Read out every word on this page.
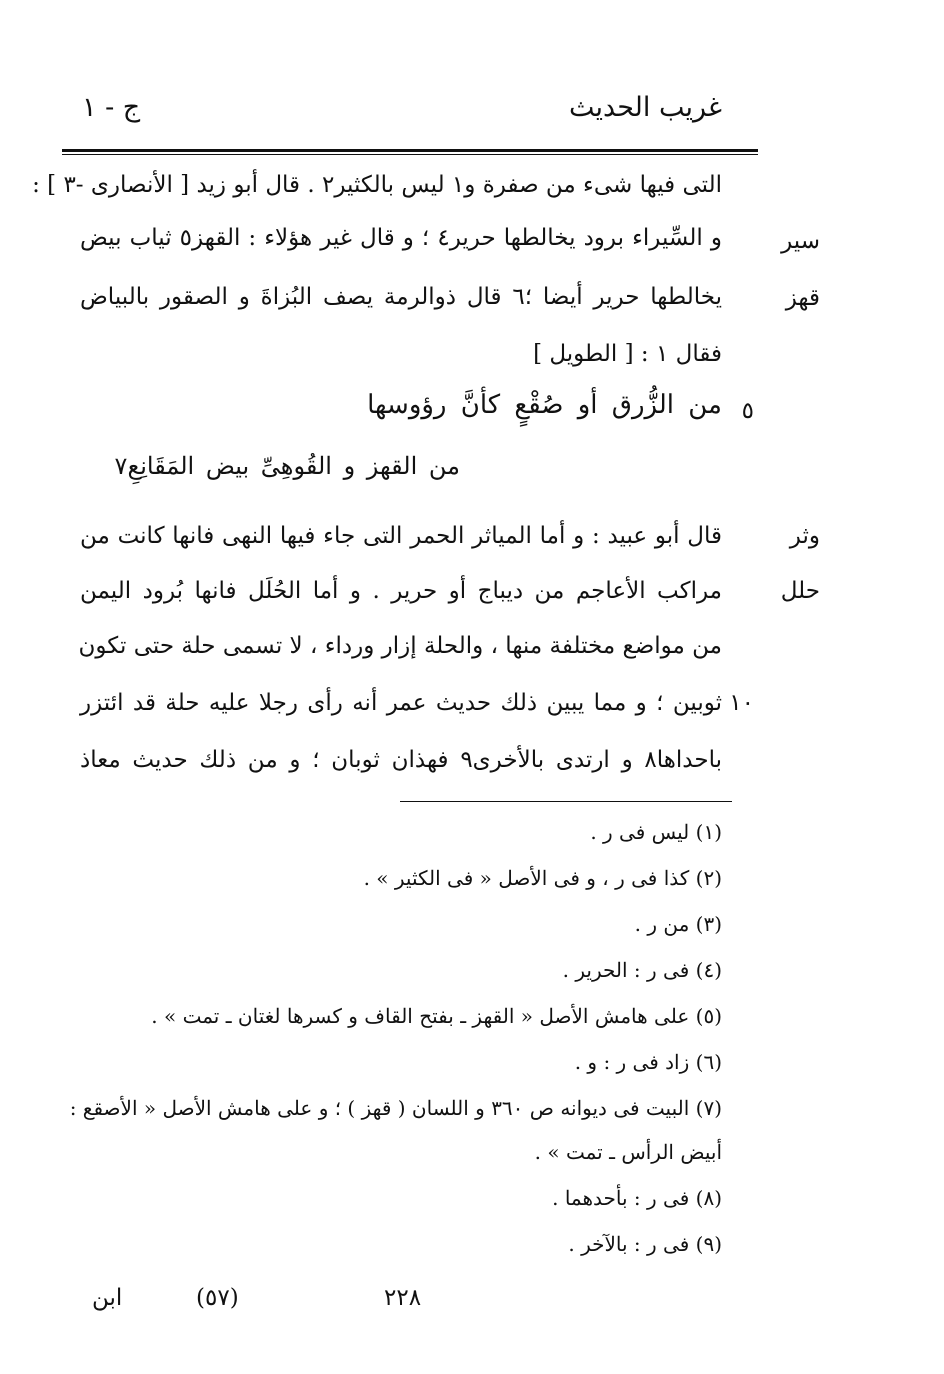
غريب الحديث
ج - ١
التى فيها شىء من صفرة و١ ليس بالكثير٢ . قال أبو زيد [ الأنصارى -٣ ] :
و السِّيراء برود يخالطها حرير٤ ؛ و قال غير هؤلاء : القهز٥ ثياب بيض
يخالطها حرير أيضا ؛٦ قال ذوالرمة يصف البُزاةَ و الصقور بالبياض
فقال ١ : [ الطويل ]
سير
قهز
٥
من الزُّرق أو صُقْعٍ كأنَّ رؤوسها
من القهز و القُوهِىِّ بيض المَقَانِعِ٧
قال أبو عبيد : و أما المياثر الحمر التى جاء فيها النهى فانها كانت من
مراكب الأعاجم من ديباج أو حرير . و أما الحُلَل فانها بُرود اليمن
من مواضع مختلفة منها ، والحلة إزار ورداء ، لا تسمى حلة حتى تكون
ثوبين ؛ و مما يبين ذلك حديث عمر أنه رأى رجلا عليه حلة قد ائتزر
باحداها٨ و ارتدى بالأخرى٩ فهذان ثوبان ؛ و من ذلك حديث معاذ
وثر
حلل
١٠
(١) ليس فى ر .
(٢) كذا فى ر ، و فى الأصل « فى الكثير » .
(٣) من ر .
(٤) فى ر : الحرير .
(٥) على هامش الأصل « القهز ـ بفتح القاف و كسرها لغتان ـ تمت » .
(٦) زاد فى ر : و .
(٧) البيت فى ديوانه ص ٣٦٠ و اللسان ( قهز ) ؛ و على هامش الأصل « الأصقع :
أبيض الرأس ـ تمت » .
(٨) فى ر : بأحدهما .
(٩) فى ر : بالآخر .
٢٢٨
(٥٧)
ابن
